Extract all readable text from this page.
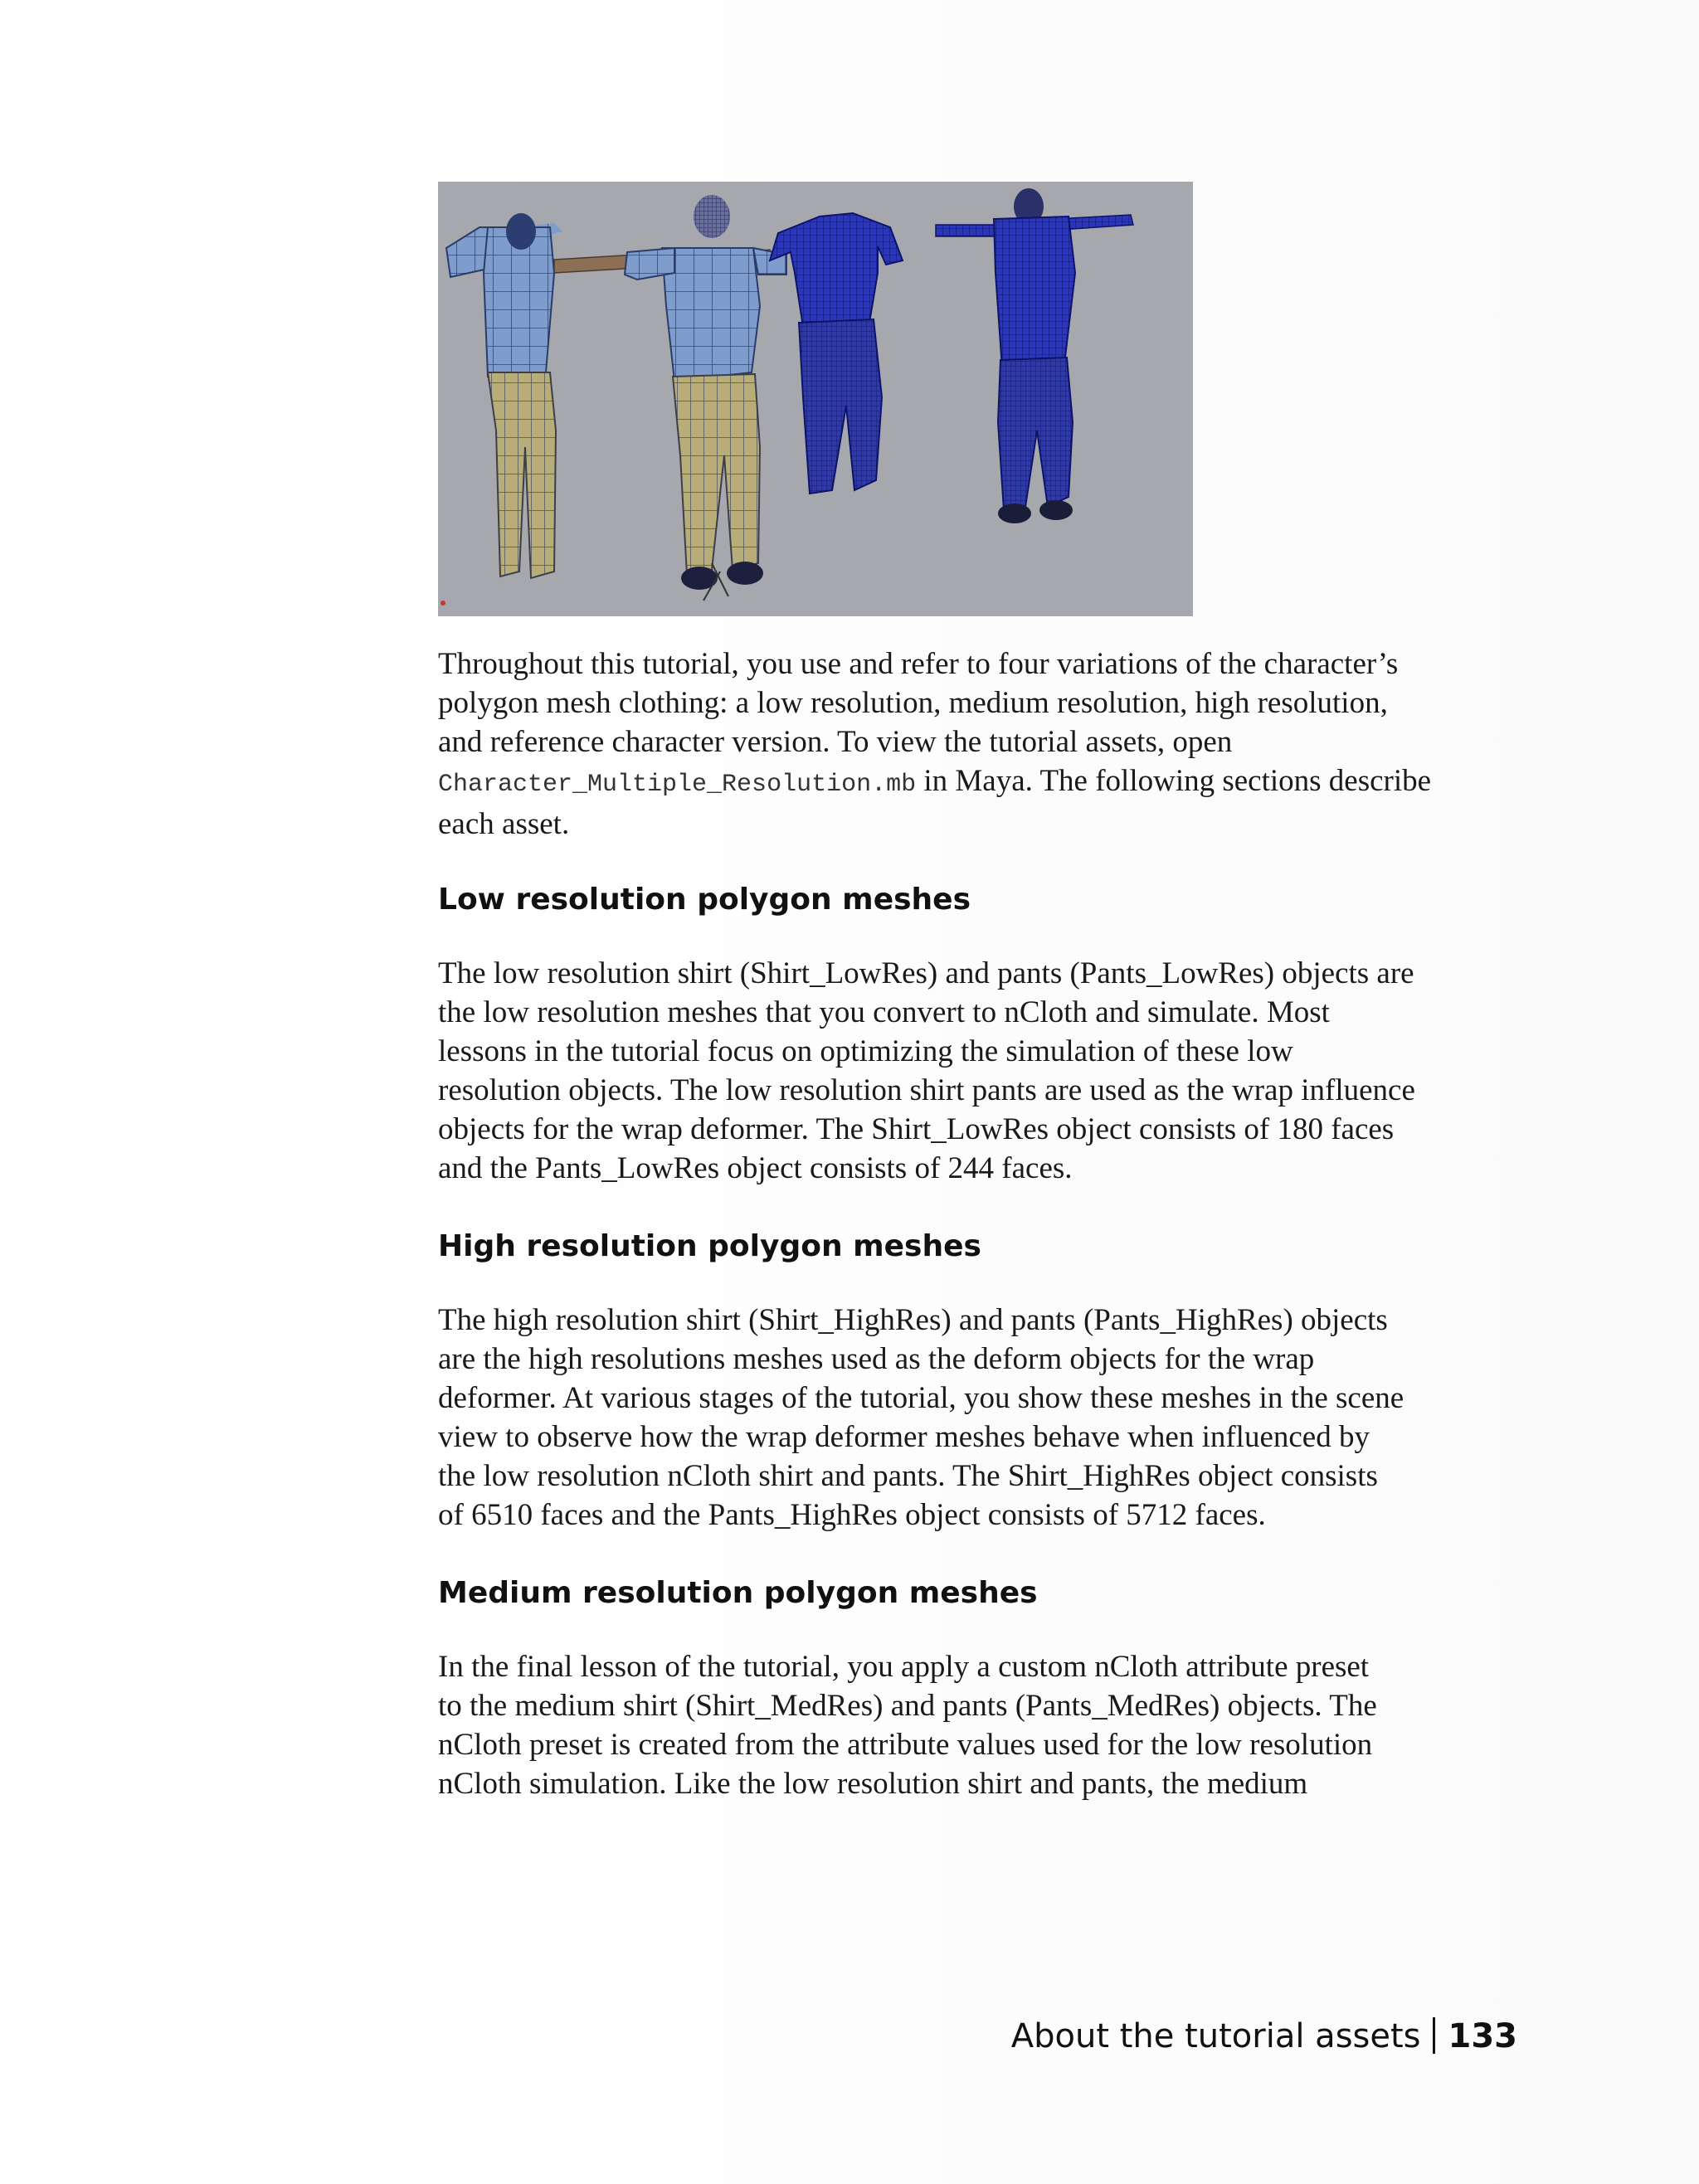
Throughout this tutorial, you use and refer to four variations of the character’s
polygon mesh clothing: a low resolution, medium resolution, high resolution,
and reference character version. To view the tutorial assets, open
Character_Multiple_Resolution.mb in Maya. The following sections describe
each asset.

Low resolution polygon meshes

The low resolution shirt (Shirt_LowRes) and pants (Pants_LowRes) objects are
the low resolution meshes that you convert to nCloth and simulate. Most
lessons in the tutorial focus on optimizing the simulation of these low
resolution objects. The low resolution shirt pants are used as the wrap influence
objects for the wrap deformer. The Shirt_LowRes object consists of 180 faces
and the Pants_LowRes object consists of 244 faces.

High resolution polygon meshes

The high resolution shirt (Shirt_HighRes) and pants (Pants_HighRes) objects
are the high resolutions meshes used as the deform objects for the wrap
deformer. At various stages of the tutorial, you show these meshes in the scene
view to observe how the wrap deformer meshes behave when influenced by
the low resolution nCloth shirt and pants. The Shirt_HighRes object consists
of 6510 faces and the Pants_HighRes object consists of 5712 faces.

Medium resolution polygon meshes

In the final lesson of the tutorial, you apply a custom nCloth attribute preset
to the medium shirt (Shirt_MedRes) and pants (Pants_MedRes) objects. The
nCloth preset is created from the attribute values used for the low resolution
nCloth simulation. Like the low resolution shirt and pants, the medium

About the tutorial assets 133
